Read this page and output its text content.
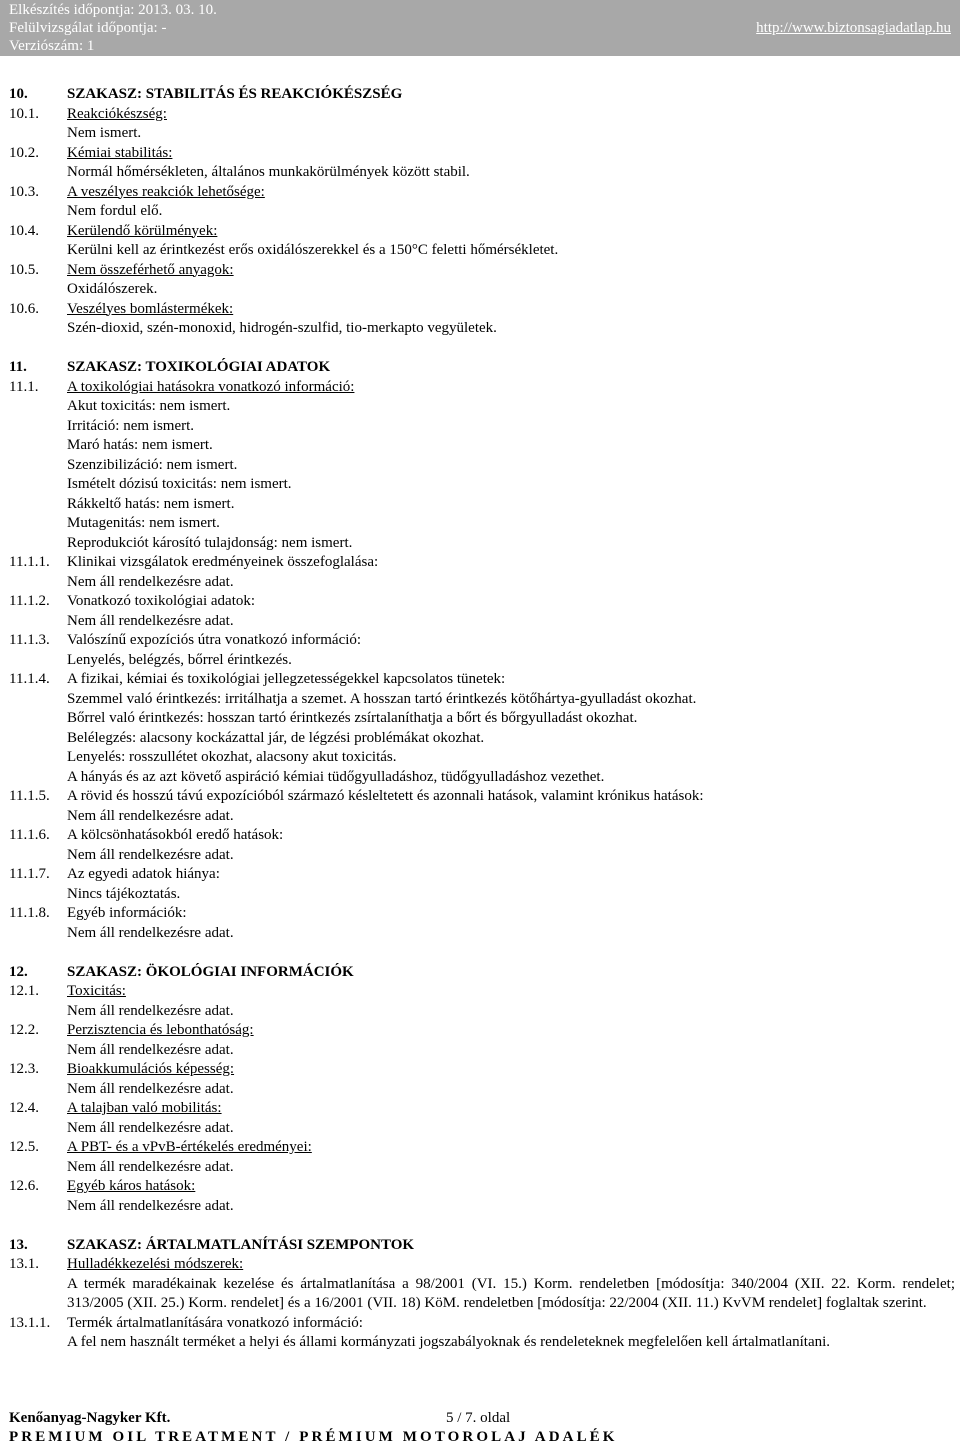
Elkészítés időpontja: 2013. 03. 10.
Felülvizsgálat időpontja: -
Verziószám: 1
http://www.biztonsagiadatlap.hu
10.	SZAKASZ: STABILITÁS ÉS REAKCIÓKÉSZSÉG
10.1.	Reakciókészség:
Nem ismert.
10.2.	Kémiai stabilitás:
Normál hőmérsékleten, általános munkakörülmények között stabil.
10.3.	A veszélyes reakciók lehetősége:
Nem fordul elő.
10.4.	Kerülendő körülmények:
Kerülni kell az érintkezést erős oxidálószerekkel és a 150°C feletti hőmérsékletet.
10.5.	Nem összeférhető anyagok:
Oxidálószerek.
10.6.	Veszélyes bomlástermékek:
Szén-dioxid, szén-monoxid, hidrogén-szulfid, tio-merkapto vegyületek.
11.	SZAKASZ: TOXIKOLÓGIAI ADATOK
11.1.	A toxikológiai hatásokra vonatkozó információ:
Akut toxicitás: nem ismert.
Irritáció: nem ismert.
Maró hatás: nem ismert.
Szenzibilizáció: nem ismert.
Ismételt dózisú toxicitás: nem ismert.
Rákkeltő hatás: nem ismert.
Mutagenitás: nem ismert.
Reprodukciót károsító tulajdonság: nem ismert.
11.1.1.	Klinikai vizsgálatok eredményeinek összefoglalása:
Nem áll rendelkezésre adat.
11.1.2.	Vonatkozó toxikológiai adatok:
Nem áll rendelkezésre adat.
11.1.3.	Valószínű expozíciós útra vonatkozó információ:
Lenyelés, belégzés, bőrrel érintkezés.
11.1.4.	A fizikai, kémiai és toxikológiai jellegzetességekkel kapcsolatos tünetek:
Szemmel való érintkezés: irritálhatja a szemet. A hosszan tartó érintkezés kötőhártya-gyulladást okozhat.
Bőrrel való érintkezés: hosszan tartó érintkezés zsírtalaníthatja a bőrt és bőrgyulladást okozhat.
Belélegzés: alacsony kockázattal jár, de légzési problémákat okozhat.
Lenyelés: rosszullétet okozhat, alacsony akut toxicitás.
A hányás és az azt követő aspiráció kémiai tüdőgyulladáshoz, tüdőgyulladáshoz vezethet.
11.1.5.	A rövid és hosszú távú expozícióból származó késleltetett és azonnali hatások, valamint krónikus hatások:
Nem áll rendelkezésre adat.
11.1.6.	A kölcsönhatásokból eredő hatások:
Nem áll rendelkezésre adat.
11.1.7.	Az egyedi adatok hiánya:
Nincs tájékoztatás.
11.1.8.	Egyéb információk:
Nem áll rendelkezésre adat.
12.	SZAKASZ: ÖKOLÓGIAI INFORMÁCIÓK
12.1.	Toxicitás:
Nem áll rendelkezésre adat.
12.2.	Perzisztencia és lebonthatóság:
Nem áll rendelkezésre adat.
12.3.	Bioakkumulációs képesség:
Nem áll rendelkezésre adat.
12.4.	A talajban való mobilitás:
Nem áll rendelkezésre adat.
12.5.	A PBT- és a vPvB-értékelés eredményei:
Nem áll rendelkezésre adat.
12.6.	Egyéb káros hatások:
Nem áll rendelkezésre adat.
13.	SZAKASZ: ÁRTALMATLANÍTÁSI SZEMPONTOK
13.1.	Hulladékkezelési módszerek:
A termék maradékainak kezelése és ártalmatlanítása a 98/2001 (VI. 15.) Korm. rendeletben [módosítja: 340/2004 (XII. 22. Korm. rendelet; 313/2005 (XII. 25.) Korm. rendelet] és a 16/2001 (VII. 18) KöM. rendeletben [módosítja: 22/2004 (XII. 11.) KvVM rendelet] foglaltak szerint.
13.1.1.	Termék ártalmatlanítására vonatkozó információ:
A fel nem használt terméket a helyi és állami kormányzati jogszabályoknak és rendeleteknek megfelelően kell ártalmatlanítani.
Kenőanyag-Nagyker Kft.	5 / 7. oldal
PREMIUM OIL TREATMENT / PRÉMIUM MOTOROLAJ ADALÉK
